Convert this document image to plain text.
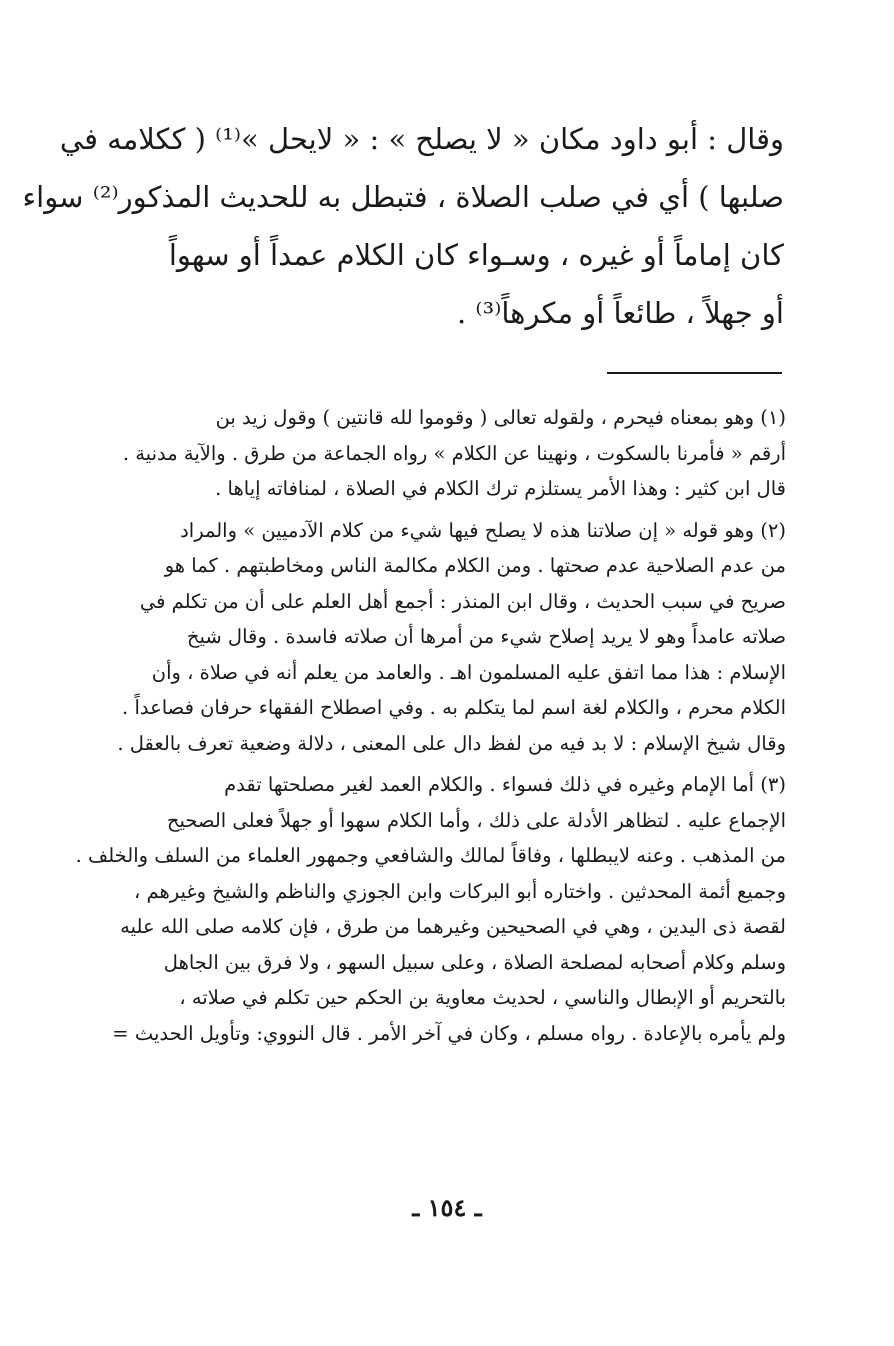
وقال : أبو داود مكان « لا يصلح » : « لايحل »⁽¹⁾ ( ككلامه في
صلبها ) أي في صلب الصلاة ، فتبطل به للحديث المذكور⁽²⁾ سواء
كان إماماً أو غيره ، وسـواء كان الكلام عمداً أو سهواً
أو جهلاً ، طائعاً أو مكرهاً⁽³⁾ .
(١) وهو بمعناه فيحرم ، ولقوله تعالى ( وقوموا لله قانتين ) وقول زيد بن
أرقم « فأمرنا بالسكوت ، ونهينا عن الكلام » رواه الجماعة من طرق . والآية مدنية .
قال ابن كثير : وهذا الأمر يستلزم ترك الكلام في الصلاة ، لمنافاته إياها .
(٢) وهو قوله « إن صلاتنا هذه لا يصلح فيها شيء من كلام الآدميين » والمراد
من عدم الصلاحية عدم صحتها . ومن الكلام مكالمة الناس ومخاطبتهم . كما هو
صريح في سبب الحديث ، وقال ابن المنذر : أجمع أهل العلم على أن من تكلم في
صلاته عامداً وهو لا يريد إصلاح شيء من أمرها أن صلاته فاسدة . وقال شيخ
الإسلام : هذا مما اتفق عليه المسلمون اهـ . والعامد من يعلم أنه في صلاة ، وأن
الكلام محرم ، والكلام لغة اسم لما يتكلم به . وفي اصطلاح الفقهاء حرفان فصاعداً .
وقال شيخ الإسلام : لا بد فيه من لفظ دال على المعنى ، دلالة وضعية تعرف بالعقل .
(٣) أما الإمام وغيره في ذلك فسواء . والكلام العمد لغير مصلحتها تقدم
الإجماع عليه . لتظاهر الأدلة على ذلك ، وأما الكلام سهوا أو جهلاً فعلى الصحيح
من المذهب . وعنه لايبطلها ، وفاقاً لمالك والشافعي وجمهور العلماء من السلف والخلف .
وجميع أئمة المحدثين . واختاره أبو البركات وابن الجوزي والناظم والشيخ وغيرهم ،
لقصة ذى اليدين ، وهي في الصحيحين وغيرهما من طرق ، فإن كلامه صلى الله عليه
وسلم وكلام أصحابه لمصلحة الصلاة ، وعلى سبيل السهو ، ولا فرق بين الجاهل
بالتحريم أو الإبطال والناسي ، لحديث معاوية بن الحكم حين تكلم في صلاته ،
ولم يأمره بالإعادة . رواه مسلم ، وكان في آخر الأمر . قال النووي: وتأويل الحديث =
ـ ١٥٤ ـ
